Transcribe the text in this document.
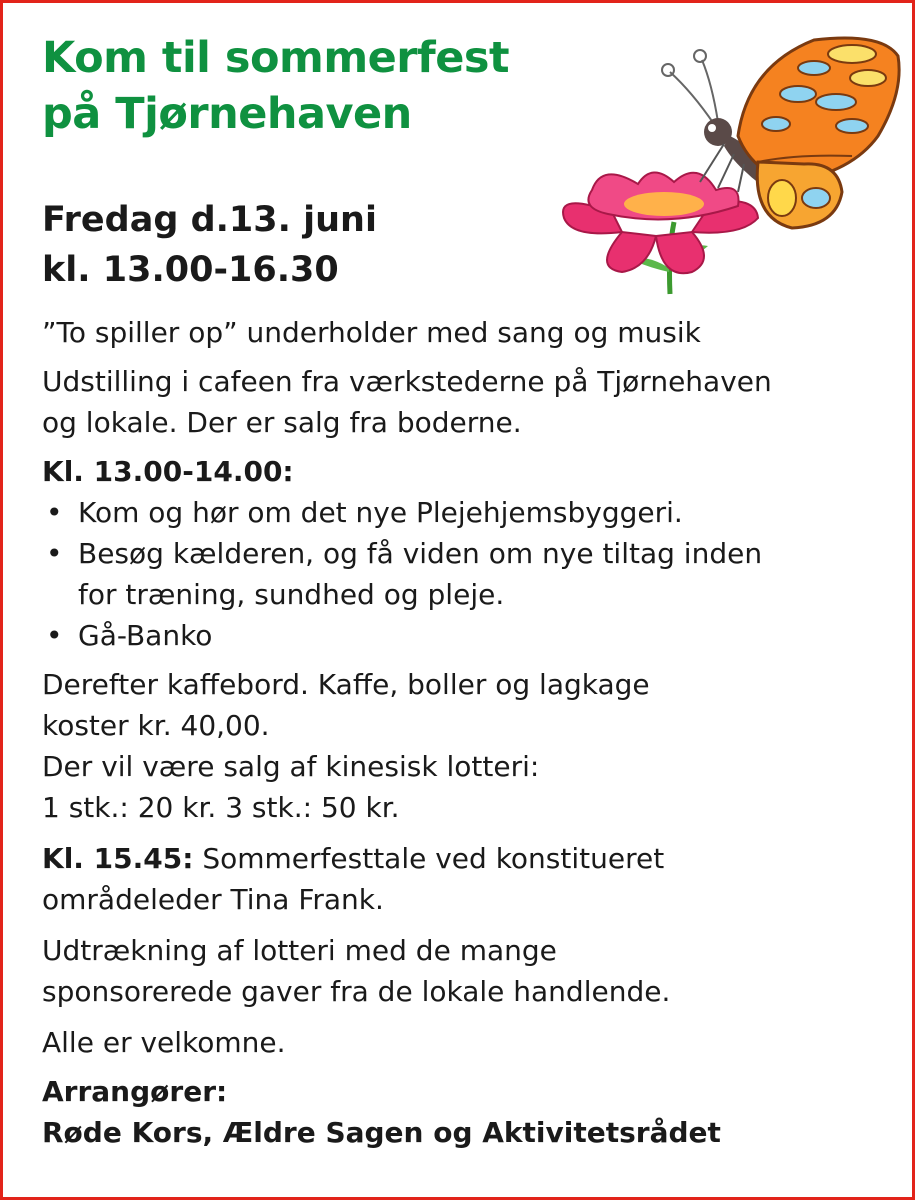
Kom til sommerfest
på Tjørnehaven
Fredag d.13. juni
kl. 13.00-16.30

”To spiller op” underholder med sang og musik

Udstilling i cafeen fra værkstederne på Tjørnehaven
og lokale. Der er salg fra boderne.

Kl. 13.00-14.00:

• Kom og hør om det nye Plejehjemsbyggeri.
• Besøg kælderen, og få viden om nye tiltag inden
for træning, sundhed og pleje.
• Gå-Banko

Derefter kaffebord. Kaffe, boller og lagkage
koster kr. 40,00.
Der vil være salg af kinesisk lotteri:
1 stk.: 20 kr. 3 stk.: 50 kr.

Kl. 15.45: Sommerfesttale ved konstitueret
områdeleder Tina Frank.

Udtrækning af lotteri med de mange
sponsorerede gaver fra de lokale handlende.

Alle er velkomne.

Arrangører:
Røde Kors, Ældre Sagen og Aktivitetsrådet
